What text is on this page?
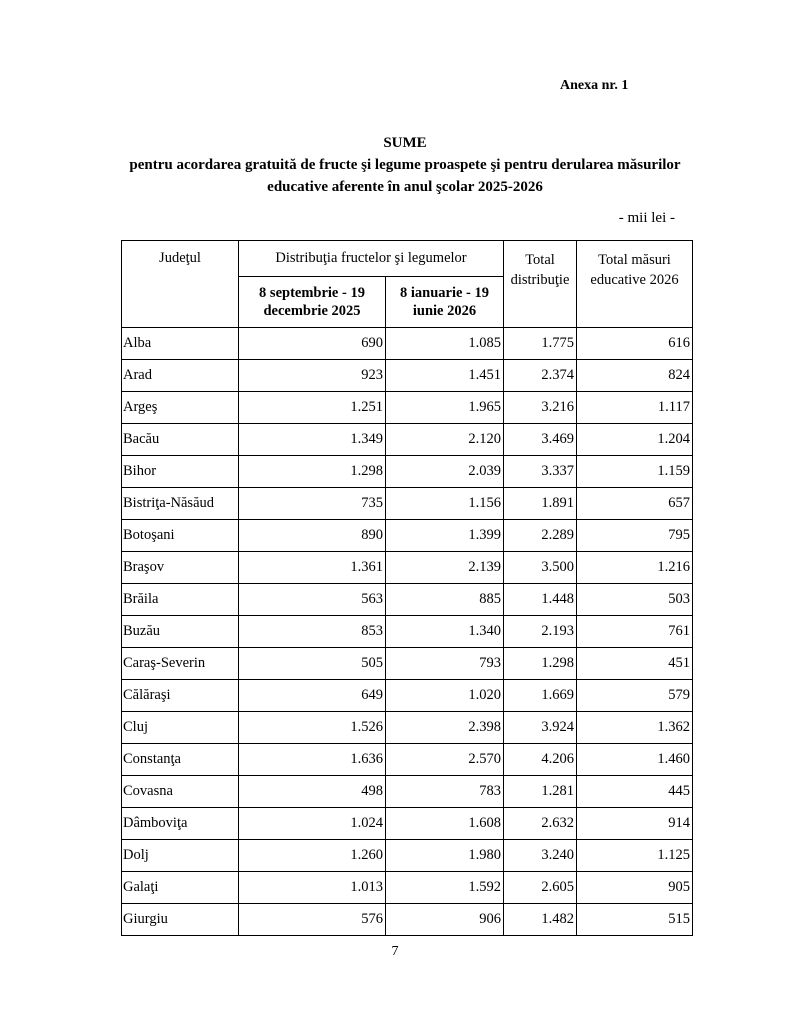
Anexa nr. 1
SUME
pentru acordarea gratuită de fructe şi legume proaspete şi pentru derularea măsurilor
educative aferente în anul şcolar 2025-2026
- mii lei -
Judeţul	Distribuţia fructelor şi legumelor		Total distribuţie	Total măsuri educative 2026
	8 septembrie - 19 decembrie 2025	8 ianuarie - 19 iunie 2026		
Alba	690	1.085	1.775	616
Arad	923	1.451	2.374	824
Argeş	1.251	1.965	3.216	1.117
Bacău	1.349	2.120	3.469	1.204
Bihor	1.298	2.039	3.337	1.159
Bistriţa-Năsăud	735	1.156	1.891	657
Botoşani	890	1.399	2.289	795
Braşov	1.361	2.139	3.500	1.216
Brăila	563	885	1.448	503
Buzău	853	1.340	2.193	761
Caraş-Severin	505	793	1.298	451
Călăraşi	649	1.020	1.669	579
Cluj	1.526	2.398	3.924	1.362
Constanţa	1.636	2.570	4.206	1.460
Covasna	498	783	1.281	445
Dâmboviţa	1.024	1.608	2.632	914
Dolj	1.260	1.980	3.240	1.125
Galaţi	1.013	1.592	2.605	905
Giurgiu	576	906	1.482	515
7
